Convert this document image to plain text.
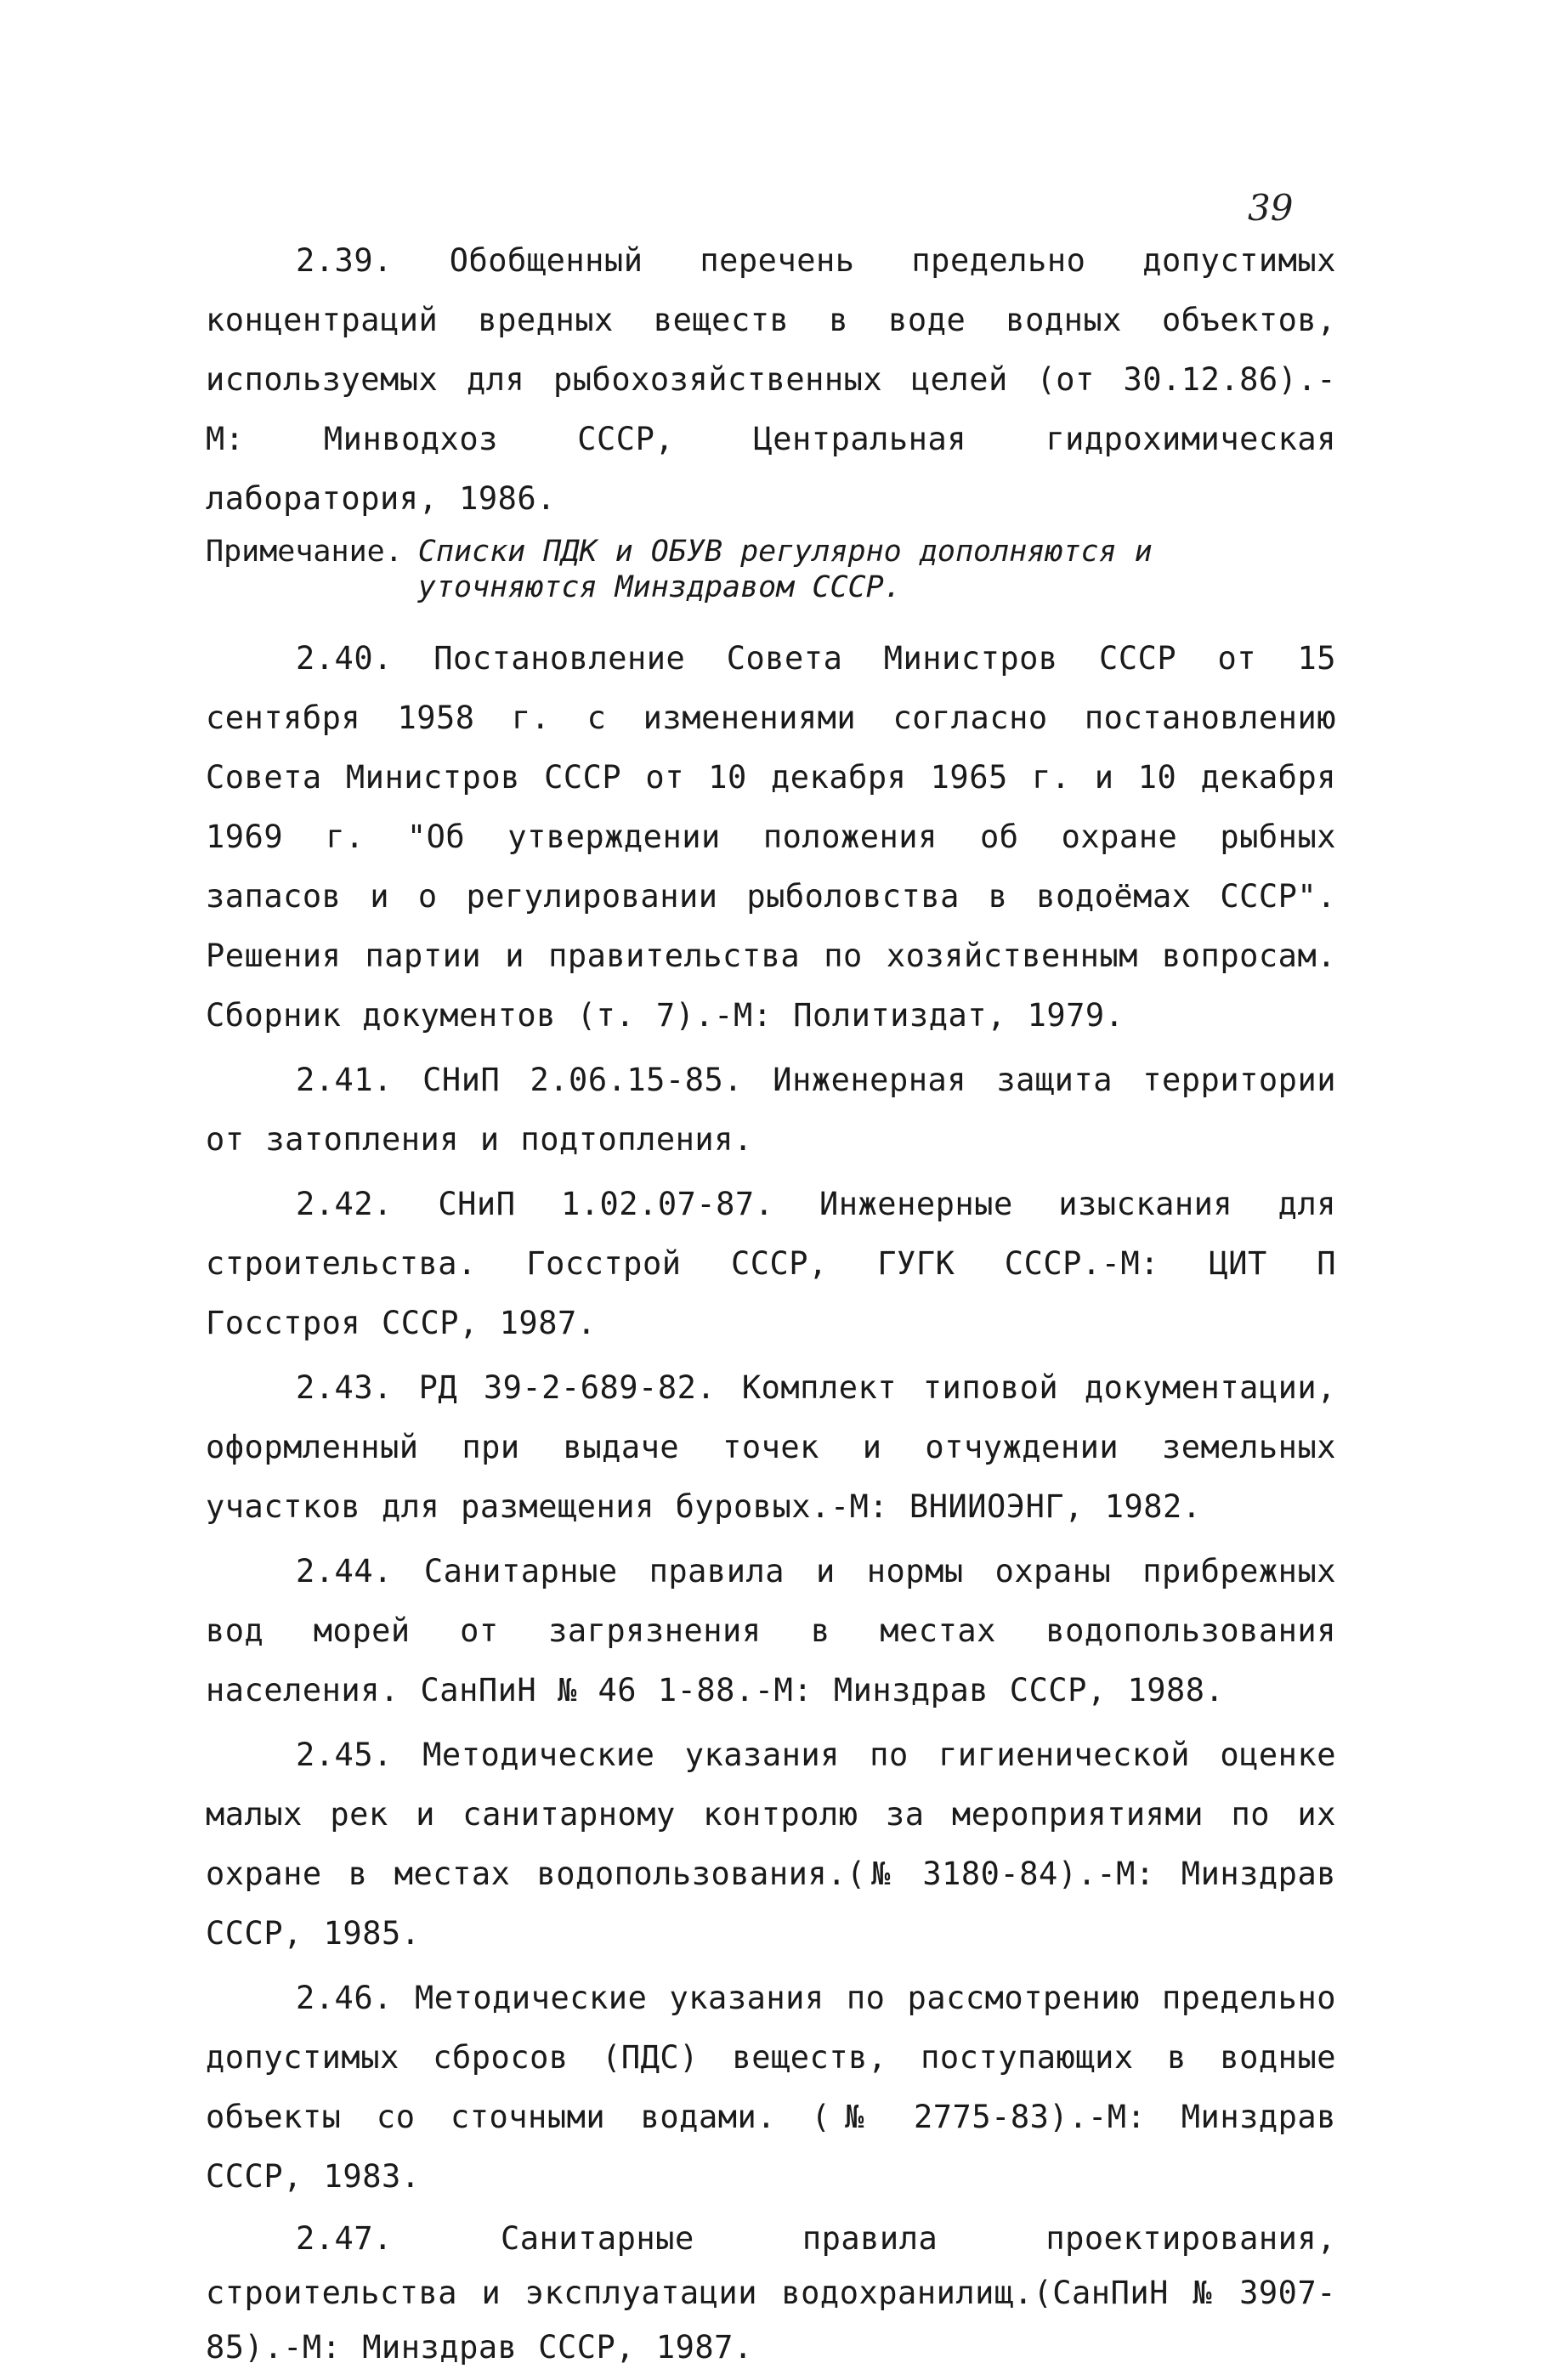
39

2.39. Обобщенный перечень предельно допустимых концентраций вредных веществ в воде водных объектов, используемых для рыбохозяйственных целей (от 30.12.86).-М: Минводхоз СССР, Центральная гидрохимическая лаборатория, 1986.

Примечание. Списки ПДК и ОБУВ регулярно дополняются и уточняются Минздравом СССР.

2.40. Постановление Совета Министров СССР от 15 сентября 1958 г. с изменениями согласно постановлению Совета Министров СССР от 10 декабря 1965 г. и 10 декабря 1969 г. "Об утверждении положения об охране рыбных запасов и о регулировании рыболовства в водоёмах СССР". Решения партии и правительства по хозяйственным вопросам. Сборник документов (т. 7).-М: Политиздат, 1979.

2.41. СНиП 2.06.15-85. Инженерная защита территории от затопления и подтопления.

2.42. СНиП 1.02.07-87. Инженерные изыскания для строительства. Госстрой СССР, ГУГК СССР.-М: ЦИТ П Госстроя СССР, 1987.

2.43. РД 39-2-689-82. Комплект типовой документации, оформленный при выдаче точек и отчуждении земельных участков для размещения буровых.-М: ВНИИОЭНГ, 1982.

2.44. Санитарные правила и нормы охраны прибрежных вод морей от загрязнения в местах водопользования населения. СанПиН № 46 1-88.-М: Минздрав СССР, 1988.

2.45. Методические указания по гигиенической оценке малых рек и санитарному контролю за мероприятиями по их охране в местах водопользования.(№ 3180-84).-М: Минздрав СССР, 1985.

2.46. Методические указания по рассмотрению предельно допустимых сбросов (ПДС) веществ, поступающих в водные объекты со сточными водами. (№ 2775-83).-М: Минздрав СССР, 1983.

2.47. Санитарные правила проектирования, строительства и эксплуатации водохранилищ.(СанПиН № 3907-85).-М: Минздрав СССР, 1987.
